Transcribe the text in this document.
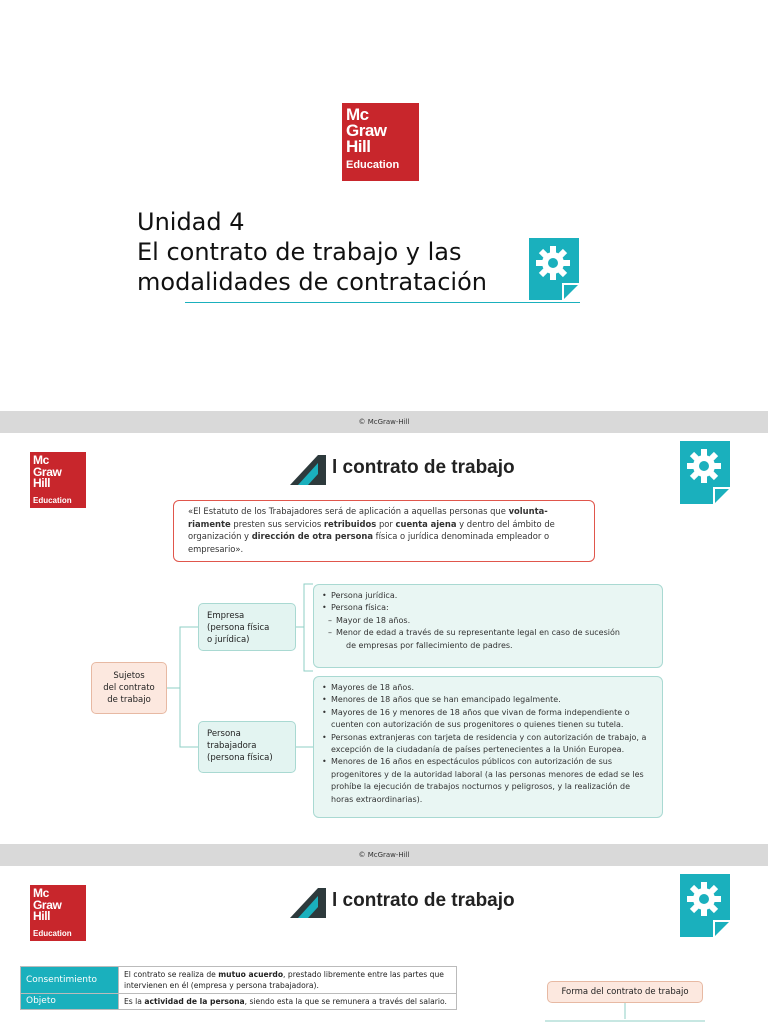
Mc
Graw
Hill
Education
Unidad 4
El contrato de trabajo y las
modalidades de contratación
© McGraw-Hill
Mc
Graw
Hill
Education
l contrato de trabajo
«El Estatuto de los Trabajadores será de aplicación a aquellas personas que volunta-riamente presten sus servicios retribuidos por cuenta ajena y dentro del ámbito de organización y dirección de otra persona física o jurídica denominada empleador o empresario».
Sujetos
del contrato
de trabajo
Empresa
(persona física
o jurídica)
Persona
trabajadora
(persona física)
• Persona jurídica.
• Persona física:
– Mayor de 18 años.
– Menor de edad a través de su representante legal en caso de sucesión
de empresas por fallecimiento de padres.
• Mayores de 18 años.
• Menores de 18 años que se han emancipado legalmente.
• Mayores de 16 y menores de 18 años que vivan de forma independiente o cuenten con autorización de sus progenitores o quienes tienen su tutela.
• Personas extranjeras con tarjeta de residencia y con autorización de trabajo, a excepción de la ciudadanía de países pertenecientes a la Unión Europea.
• Menores de 16 años en espectáculos públicos con autorización de sus progenitores y de la autoridad laboral (a las personas menores de edad se les prohíbe la ejecución de trabajos nocturnos y peligrosos, y la realización de horas extraordinarias).
© McGraw-Hill
Mc
Graw
Hill
Education
l contrato de trabajo
Consentimiento	El contrato se realiza de mutuo acuerdo, prestado libremente entre las partes que intervienen en él (empresa y persona trabajadora).
Objeto	Es la actividad de la persona, siendo esta la que se remunera a través del salario.
Forma del contrato de trabajo
